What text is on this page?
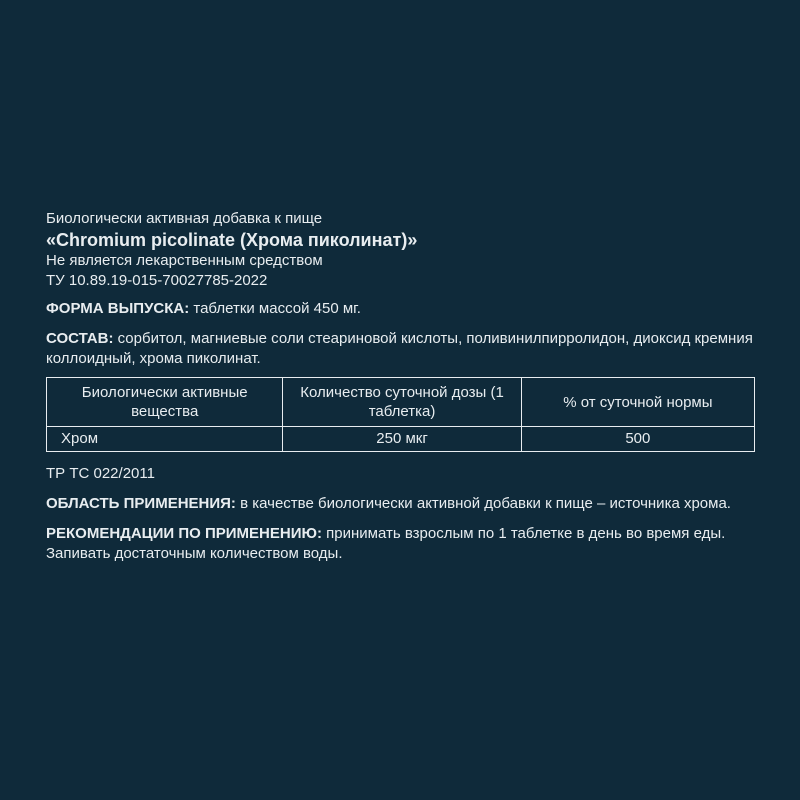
Биологически активная добавка к пище

«Chromium picolinate (Хрома пиколинат)»

Не является лекарственным средством

ТУ 10.89.19-015-70027785-2022

ФОРМА ВЫПУСКА: таблетки массой 450 мг.

СОСТАВ: сорбитол, магниевые соли стеариновой кислоты, поливинилпирролидон, диоксид кремния коллоидный, хрома пиколинат.

Биологически активные вещества	Количество суточной дозы (1 таблетка)	% от суточной нормы
Хром	250 мкг	500

ТР ТС 022/2011

ОБЛАСТЬ ПРИМЕНЕНИЯ: в качестве биологически активной добавки к пище – источника хрома.

РЕКОМЕНДАЦИИ ПО ПРИМЕНЕНИЮ: принимать взрослым по 1 таблетке в день во время еды. Запивать достаточным количеством воды.
